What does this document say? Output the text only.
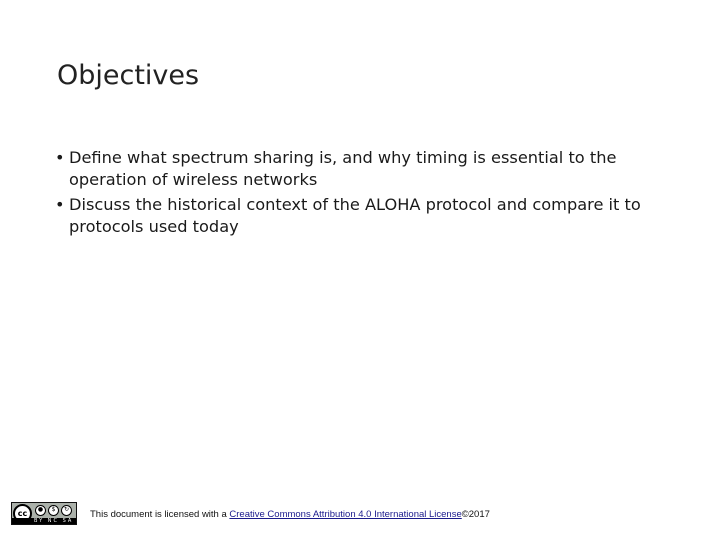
Objectives
• Define what spectrum sharing is, and why timing is essential to the operation of wireless networks
• Discuss the historical context of the ALOHA protocol and compare it to protocols used today
cc	●	$	↻
BY NC SA
This document is licensed with a Creative Commons Attribution 4.0 International License©2017
